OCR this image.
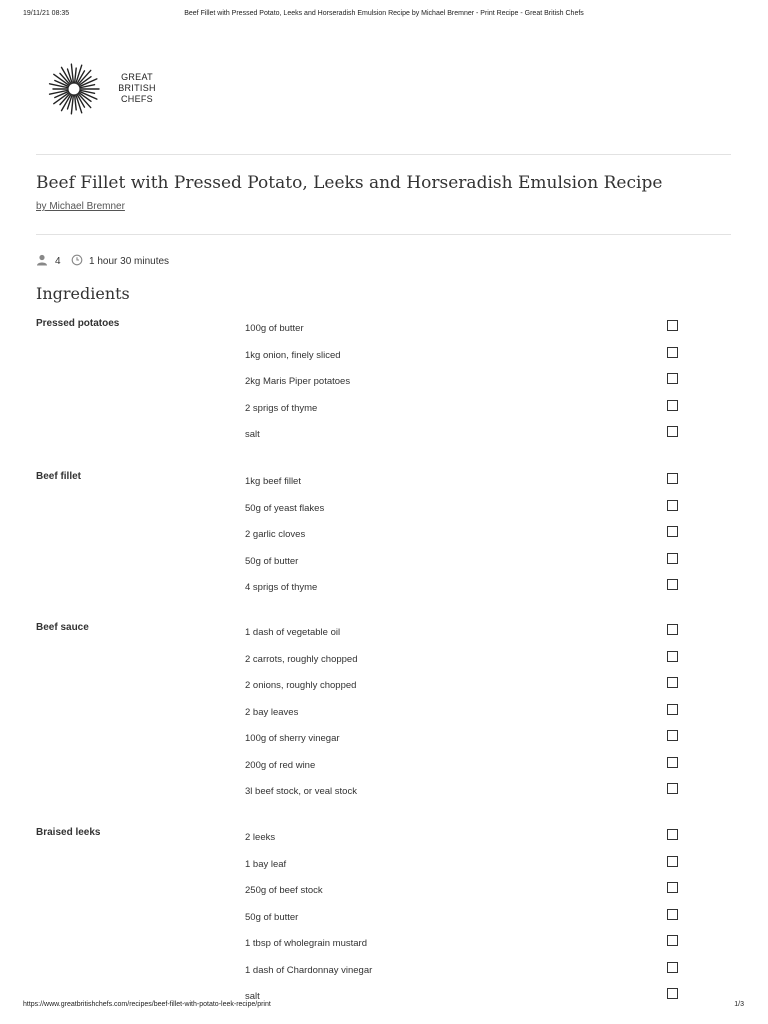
19/11/21 08:35	Beef Fillet with Pressed Potato, Leeks and Horseradish Emulsion Recipe by Michael Bremner - Print Recipe - Great British Chefs
GREAT
BRITISH
CHEFS
Beef Fillet with Pressed Potato, Leeks and Horseradish Emulsion Recipe
by Michael Bremner
4	1 hour 30 minutes
Ingredients
Pressed potatoes	100g of butter
1kg onion, finely sliced
2kg Maris Piper potatoes
2 sprigs of thyme
salt
Beef fillet	1kg beef fillet
50g of yeast flakes
2 garlic cloves
50g of butter
4 sprigs of thyme
Beef sauce	1 dash of vegetable oil
2 carrots, roughly chopped
2 onions, roughly chopped
2 bay leaves
100g of sherry vinegar
200g of red wine
3l beef stock, or veal stock
Braised leeks	2 leeks
1 bay leaf
250g of beef stock
50g of butter
1 tbsp of wholegrain mustard
1 dash of Chardonnay vinegar
salt
https://www.greatbritishchefs.com/recipes/beef-fillet-with-potato-leek-recipe/print	1/3
